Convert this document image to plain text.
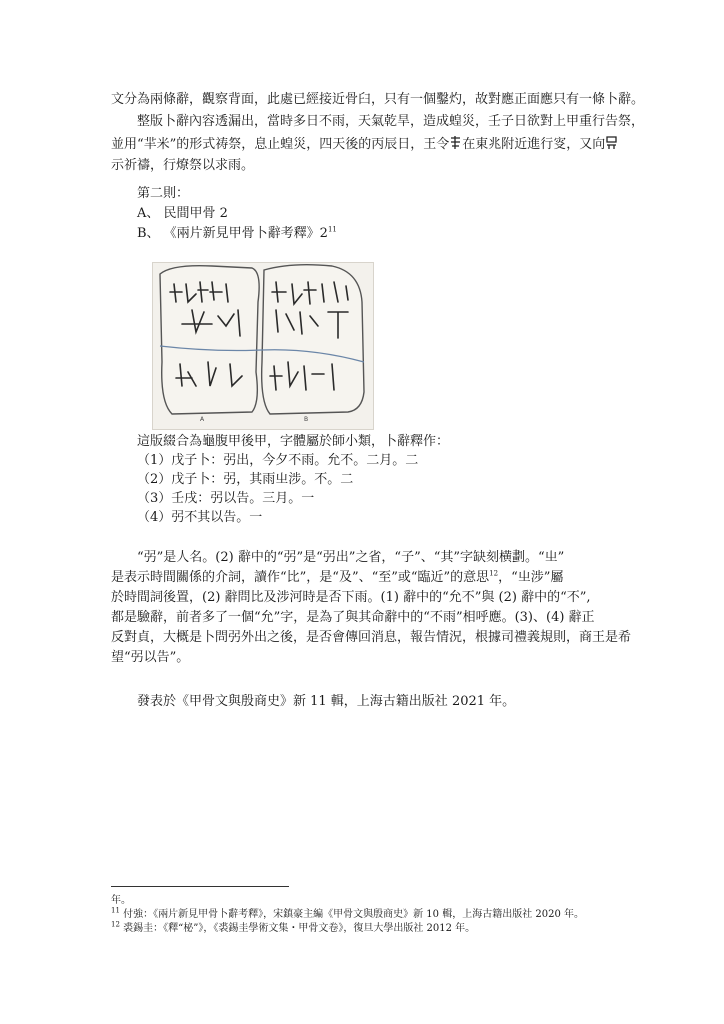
文分為兩條辭，觀察背面，此處已經接近骨臼，只有一個鑿灼，故對應正面應只有一條卜辭。
整版卜辭內容透漏出，當時多日不雨，天氣乾旱，造成蝗災，壬子日欲對上甲重行告祭，
並用“羋米”的形式祷祭，息止蝗災，四天後的丙辰日，王令 在東兆附近進行叜，又向
示祈禱，行燎祭以求雨。
第二則：
A、 民間甲骨 2
B、 《兩片新見甲骨卜辭考釋》$2^{11}$
A	B
這版綴合為龜腹甲後甲，字體屬於師小類，卜辭釋作：
（1）戊子卜：弜出，今夕不雨。允不。二月。二
（2）戊子卜：弜，其雨㞢涉。不。二
（3）壬戌：弜以告。三月。一
（4）弜不其以告。一
“弜”是人名。(2) 辭中的“弜”是“弜出”之省，“子”、“其”字缺刻横劃。“㞢”
是表示時間關係的介詞，讀作“比”，是“及”、“至”或“臨近”的意思$^{12}$，“㞢涉”屬
於時間詞後置，(2) 辭問比及涉河時是否下雨。(1) 辭中的“允不”與 (2) 辭中的“不”,
都是驗辭，前者多了一個“允”字，是為了與其命辭中的“不雨”相呼應。(3)、(4) 辭正
反對貞，大概是卜問弜外出之後，是否會傳回消息，報告情況，根據司禮義規則，商王是希
望“弜以告”。
發表於《甲骨文與殷商史》新 11 輯，上海古籍出版社 2021 年。
年。
$^{11}$ 付強：《兩片新見甲骨卜辭考釋》，宋鎮豪主編《甲骨文與殷商史》新 10 輯，上海古籍出版社 2020 年。
$^{12}$ 裘錫圭：《釋“柲”》，《裘錫圭學術文集・甲骨文卷》，復旦大學出版社 2012 年。
